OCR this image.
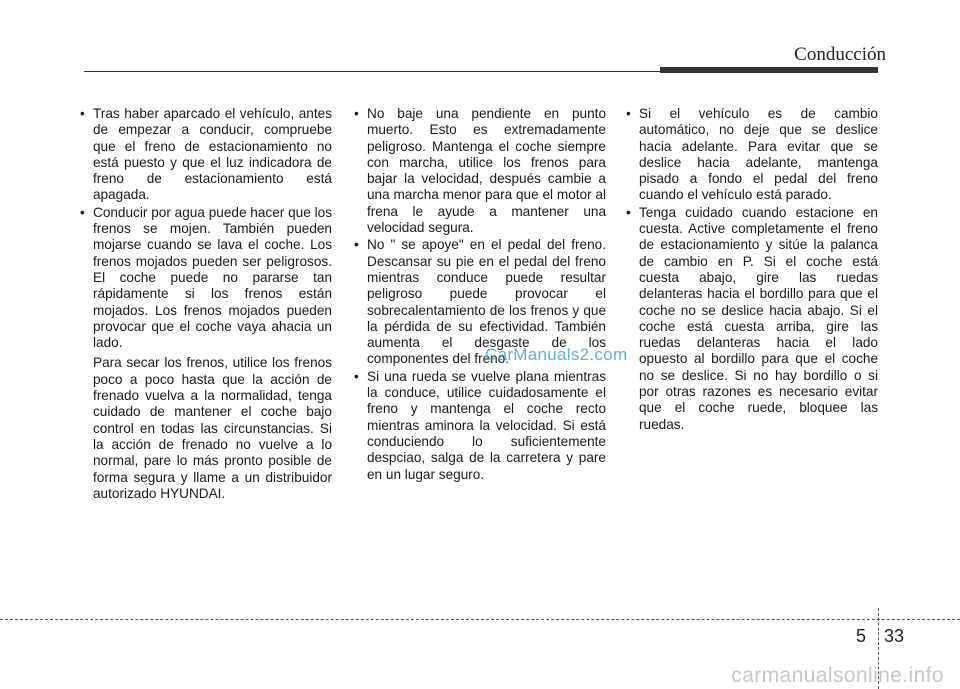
Conducción
• Tras haber aparcado el vehículo, antes de empezar a conducir, compruebe que el freno de estacionamiento no está puesto y que el luz indicadora de freno de estacionamiento está apagada.
• Conducir por agua puede hacer que los frenos se mojen. También pueden mojarse cuando se lava el coche. Los frenos mojados pueden ser peligrosos. El coche puede no pararse tan rápidamente si los frenos están mojados. Los frenos mojados pueden provocar que el coche vaya ahacia un lado.

Para secar los frenos, utilice los frenos poco a poco hasta que la acción de frenado vuelva a la normalidad, tenga cuidado de mantener el coche bajo control en todas las circunstancias. Si la acción de frenado no vuelve a lo normal, pare lo más pronto posible de forma segura y llame a un distribuidor autorizado HYUNDAI.

• No baje una pendiente en punto muerto. Esto es extremadamente peligroso. Mantenga el coche siempre con marcha, utilice los frenos para bajar la velocidad, después cambie a una marcha menor para que el motor al frena le ayude a mantener una velocidad segura.
• No " se apoye" en el pedal del freno. Descansar su pie en el pedal del freno mientras conduce puede resultar peligroso puede provocar el sobrecalentamiento de los frenos y que la pérdida de su efectividad. También aumenta el desgaste de los componentes del freno.
• Si una rueda se vuelve plana mientras la conduce, utilice cuidadosamente el freno y mantenga el coche recto mientras aminora la velocidad. Si está conduciendo lo suficientemente despciao, salga de la carretera y pare en un lugar seguro.
• Si el vehículo es de cambio automático, no deje que se deslice hacia adelante. Para evitar que se deslice hacia adelante, mantenga pisado a fondo el pedal del freno cuando el vehículo está parado.
• Tenga cuidado cuando estacione en cuesta. Active completamente el freno de estacionamiento y sitúe la palanca de cambio en P. Si el coche está cuesta abajo, gire las ruedas delanteras hacia el bordillo para que el coche no se deslice hacia abajo. Si el coche está cuesta arriba, gire las ruedas delanteras hacia el lado opuesto al bordillo para que el coche no se deslice. Si no hay bordillo o si por otras razones es necesario evitar que el coche ruede, bloquee las ruedas.
CarManuals2.com
5 33
carmanualsonline.info
